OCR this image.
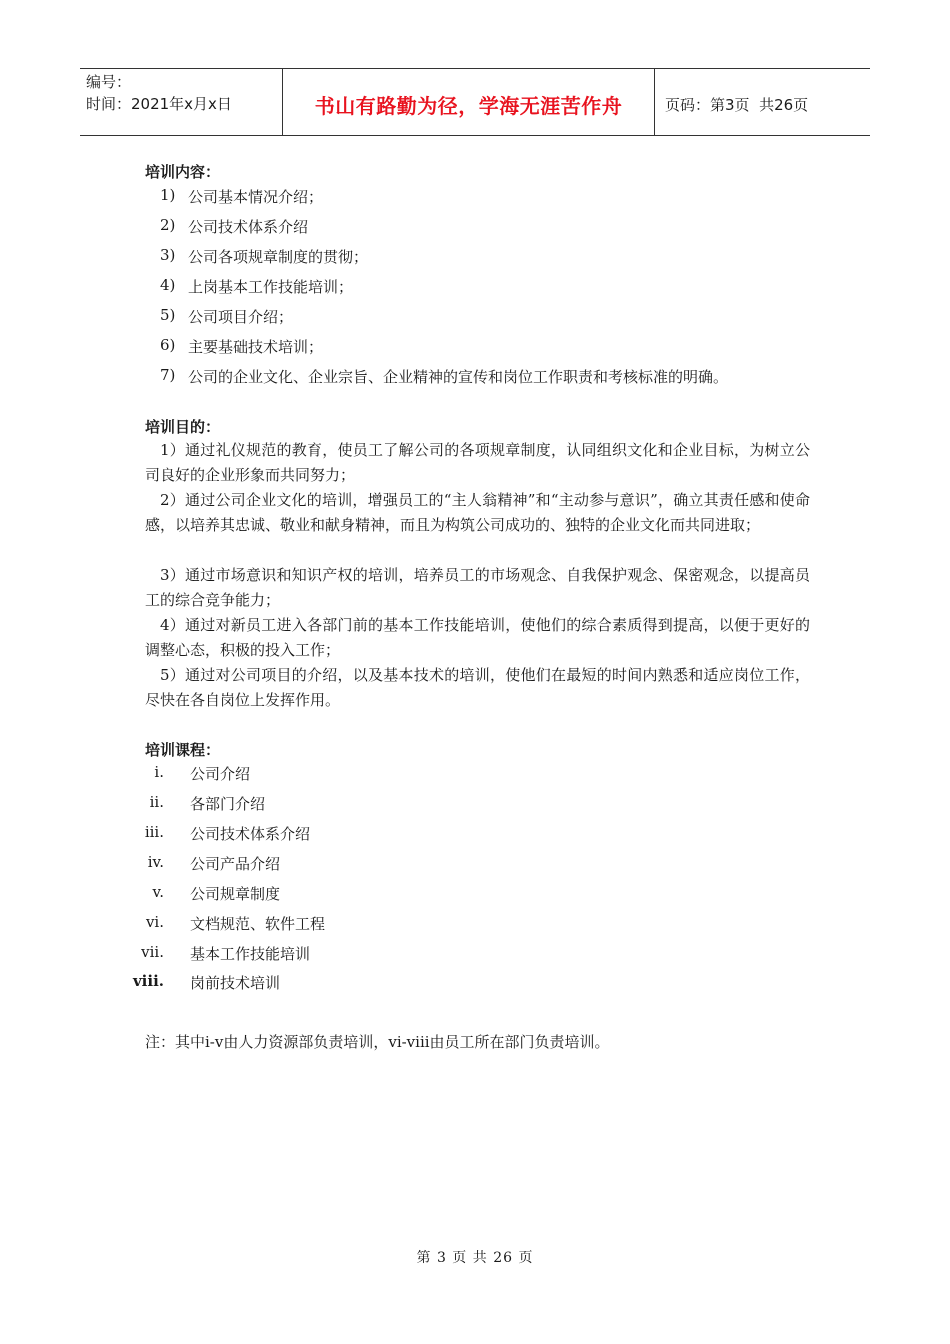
编号：
时间：2021年x月x日	书山有路勤为径，学海无涯苦作舟	页码：第3页  共26页
培训内容：
1) 公司基本情况介绍；
2) 公司技术体系介绍
3) 公司各项规章制度的贯彻；
4) 上岗基本工作技能培训；
5) 公司项目介绍；
6) 主要基础技术培训；
7) 公司的企业文化、企业宗旨、企业精神的宣传和岗位工作职责和考核标准的明确。
培训目的：
1）通过礼仪规范的教育，使员工了解公司的各项规章制度，认同组织文化和企业目标，为树立公司良好的企业形象而共同努力；
2）通过公司企业文化的培训，增强员工的“主人翁精神”和“主动参与意识”，确立其责任感和使命感，以培养其忠诚、敬业和献身精神，而且为构筑公司成功的、独特的企业文化而共同进取；
3）通过市场意识和知识产权的培训，培养员工的市场观念、自我保护观念、保密观念，以提高员工的综合竞争能力；
4）通过对新员工进入各部门前的基本工作技能培训，使他们的综合素质得到提高，以便于更好的调整心态，积极的投入工作；
5）通过对公司项目的介绍，以及基本技术的培训，使他们在最短的时间内熟悉和适应岗位工作，尽快在各自岗位上发挥作用。
培训课程：
i. 公司介绍
ii. 各部门介绍
iii. 公司技术体系介绍
iv. 公司产品介绍
v. 公司规章制度
vi. 文档规范、软件工程
vii. 基本工作技能培训
viii. 岗前技术培训
注：其中i-v由人力资源部负责培训，vi-viii由员工所在部门负责培训。
第 3 页 共 26 页
